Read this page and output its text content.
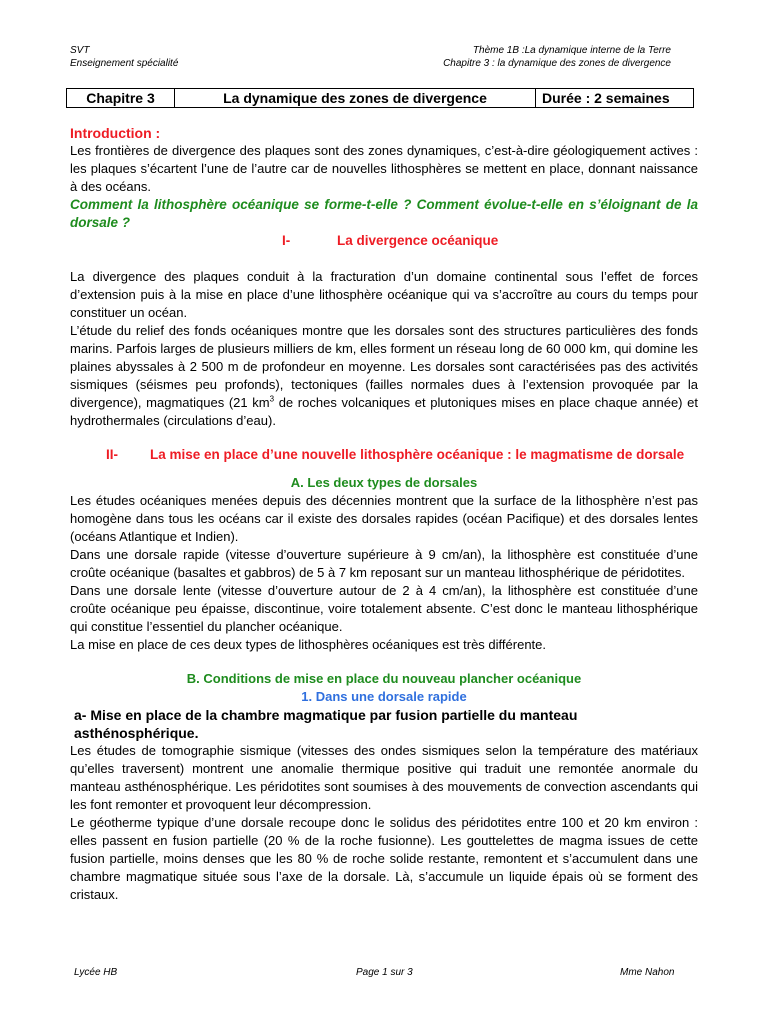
SVT
Enseignement spécialité
Thème 1B :La dynamique interne de la Terre
Chapitre 3 : la dynamique des zones de divergence
Chapitre 3	La dynamique des zones de divergence	Durée : 2 semaines

Introduction :

Les frontières de divergence des plaques sont des zones dynamiques, c’est-à-dire géologiquement actives : les plaques s’écartent l’une de l’autre car de nouvelles lithosphères se mettent en place, donnant naissance à des océans.

Comment la lithosphère océanique se forme-t-elle ? Comment évolue-t-elle en s’éloignant de la dorsale ?

I-	La divergence océanique

La divergence des plaques conduit à la fracturation d’un domaine continental sous l’effet de forces d’extension puis à la mise en place d’une lithosphère océanique qui va s’accroître au cours du temps pour constituer un océan.

L’étude du relief des fonds océaniques montre que les dorsales sont des structures particulières des fonds marins. Parfois larges de plusieurs milliers de km, elles forment un réseau long de 60 000 km, qui domine les plaines abyssales à 2 500 m de profondeur en moyenne. Les dorsales sont caractérisées pas des activités sismiques (séismes peu profonds), tectoniques (failles normales dues à l’extension provoquée par la divergence), magmatiques (21 $km^3$ de roches volcaniques et plutoniques mises en place chaque année) et hydrothermales (circulations d’eau).

II- La mise en place d’une nouvelle lithosphère océanique : le magmatisme de dorsale

A. Les deux types de dorsales

Les études océaniques menées depuis des décennies montrent que la surface de la lithosphère n’est pas homogène dans tous les océans car il existe des dorsales rapides (océan Pacifique) et des dorsales lentes (océans Atlantique et Indien).

Dans une dorsale rapide (vitesse d’ouverture supérieure à 9 cm/an), la lithosphère est constituée d’une croûte océanique (basaltes et gabbros) de 5 à 7 km reposant sur un manteau lithosphérique de péridotites.

Dans une dorsale lente (vitesse d’ouverture autour de 2 à 4 cm/an), la lithosphère est constituée d’une croûte océanique peu épaisse, discontinue, voire totalement absente. C’est donc le manteau lithosphérique qui constitue l’essentiel du plancher océanique.

La mise en place de ces deux types de lithosphères océaniques est très différente.

B. Conditions de mise en place du nouveau plancher océanique

1. Dans une dorsale rapide

a- Mise en place de la chambre magmatique par fusion partielle du manteau asthénosphérique.

Les études de tomographie sismique (vitesses des ondes sismiques selon la température des matériaux qu’elles traversent) montrent une anomalie thermique positive qui traduit une remontée anormale du manteau asthénosphérique. Les péridotites sont soumises à des mouvements de convection ascendants qui les font remonter et provoquent leur décompression.

Le géotherme typique d’une dorsale recoupe donc le solidus des péridotites entre 100 et 20 km environ : elles passent en fusion partielle (20 % de la roche fusionne). Les gouttelettes de magma issues de cette fusion partielle, moins denses que les 80 % de roche solide restante, remontent et s’accumulent dans une chambre magmatique située sous l’axe de la dorsale. Là, s’accumule un liquide épais où se forment des cristaux.

Lycée HB	Page 1 sur 3	Mme Nahon
